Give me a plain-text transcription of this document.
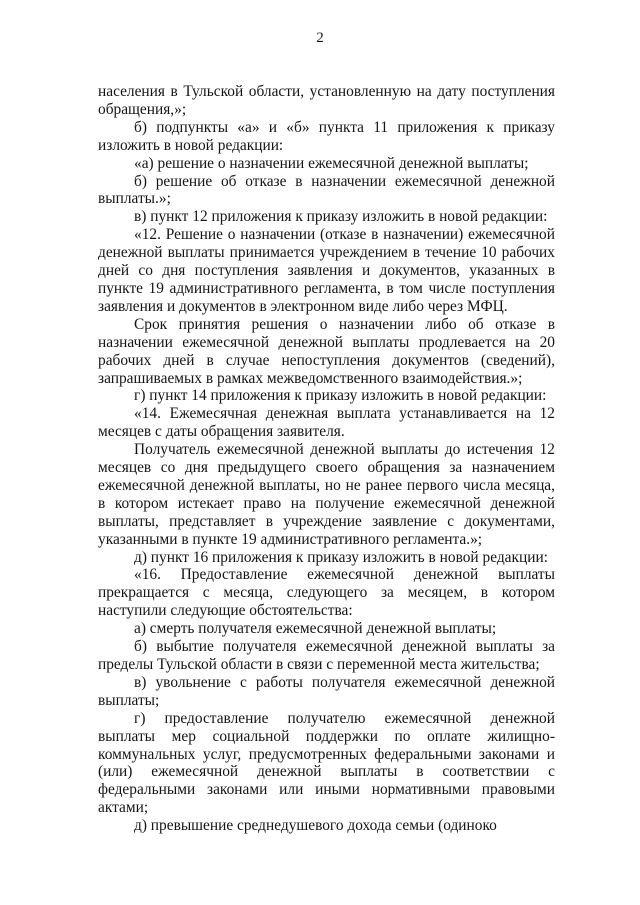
2

населения в Тульской области, установленную на дату поступления обращения,»;

б) подпункты «а» и «б» пункта 11 приложения к приказу изложить в новой редакции:

«а) решение о назначении ежемесячной денежной выплаты;

б) решение об отказе в назначении ежемесячной денежной выплаты.»;

в) пункт 12 приложения к приказу изложить в новой редакции:

«12. Решение о назначении (отказе в назначении) ежемесячной денежной выплаты принимается учреждением в течение 10 рабочих дней со дня поступления заявления и документов, указанных в пункте 19 административного регламента, в том числе поступления заявления и документов в электронном виде либо через МФЦ.

Срок принятия решения о назначении либо об отказе в назначении ежемесячной денежной выплаты продлевается на 20 рабочих дней в случае непоступления документов (сведений), запрашиваемых в рамках межведомственного взаимодействия.»;

г) пункт 14 приложения к приказу изложить в новой редакции:

«14. Ежемесячная денежная выплата устанавливается на 12 месяцев с даты обращения заявителя.

Получатель ежемесячной денежной выплаты до истечения 12 месяцев со дня предыдущего своего обращения за назначением ежемесячной денежной выплаты, но не ранее первого числа месяца, в котором истекает право на получение ежемесячной денежной выплаты, представляет в учреждение заявление с документами, указанными в пункте 19 административного регламента.»;

д) пункт 16 приложения к приказу изложить в новой редакции:

«16. Предоставление ежемесячной денежной выплаты прекращается с месяца, следующего за месяцем, в котором наступили следующие обстоятельства:

а) смерть получателя ежемесячной денежной выплаты;

б) выбытие получателя ежемесячной денежной выплаты за пределы Тульской области в связи с переменной места жительства;

в) увольнение с работы получателя ежемесячной денежной выплаты;

г) предоставление получателю ежемесячной денежной выплаты мер социальной поддержки по оплате жилищно-коммунальных услуг, предусмотренных федеральными законами и (или) ежемесячной денежной выплаты в соответствии с федеральными законами или иными нормативными правовыми актами;

д) превышение среднедушевого дохода семьи (одиноко
